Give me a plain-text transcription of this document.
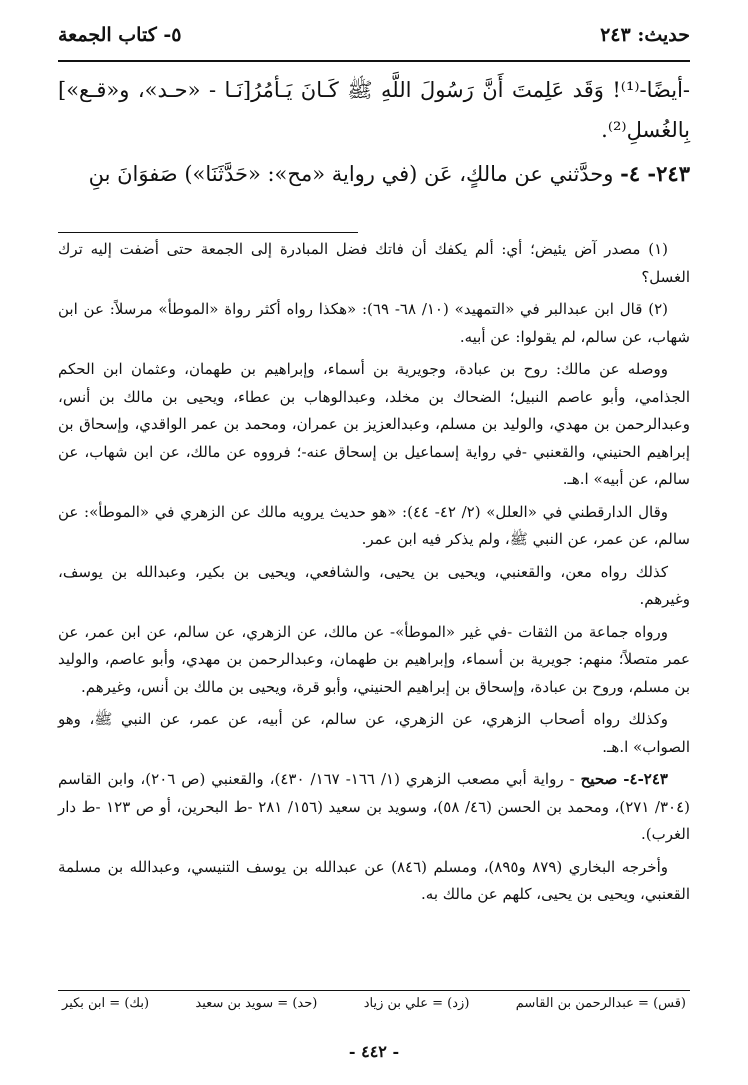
حديث: ٢٤٣
٥- كتاب الجمعة

-أيضًا-⁽¹⁾! وَقَد عَلِمتَ أَنَّ رَسُولَ اللَّهِ ﷺ كَـانَ يَـأمُرُ[نَـا - «حـد»، و«قـع»] بِالغُسلِ⁽²⁾.

٢٤٣- ٤- وحدَّثني عن مالكٍ، عَن (في رواية «مح»: «حَدَّثَنَا») صَفوَانَ بنِ

(١) مصدر آض يئيض؛ أي: ألم يكفك أن فاتك فضل المبادرة إلى الجمعة حتى أضفت إليه ترك الغسل؟

(٢) قال ابن عبدالبر في «التمهيد» (١٠/ ٦٨- ٦٩): «هكذا رواه أكثر رواة «الموطأ» مرسلاً: عن ابن شهاب، عن سالم، لم يقولوا: عن أبيه.

ووصله عن مالك: روح بن عبادة، وجويرية بن أسماء، وإبراهيم بن طهمان، وعثمان ابن الحكم الجذامي، وأبو عاصم النبيل؛ الضحاك بن مخلد، وعبدالوهاب بن عطاء، ويحيى بن مالك بن أنس، وعبدالرحمن بن مهدي، والوليد بن مسلم، وعبدالعزيز بن عمران، ومحمد بن عمر الواقدي، وإسحاق بن إبراهيم الحنيني، والقعنبي -في رواية إسماعيل بن إسحاق عنه-؛ فرووه عن مالك، عن ابن شهاب، عن سالم، عن أبيه» ا.هـ.

وقال الدارقطني في «العلل» (٢/ ٤٢- ٤٤): «هو حديث يرويه مالك عن الزهري في «الموطأ»: عن سالم، عن عمر، عن النبي ﷺ، ولم يذكر فيه ابن عمر.

كذلك رواه معن، والقعنبي، ويحيى بن يحيى، والشافعي، ويحيى بن بكير، وعبدالله بن يوسف، وغيرهم.

ورواه جماعة من الثقات -في غير «الموطأ»- عن مالك، عن الزهري، عن سالم، عن ابن عمر، عن عمر متصلاً؛ منهم: جويرية بن أسماء، وإبراهيم بن طهمان، وعبدالرحمن بن مهدي، وأبو عاصم، والوليد بن مسلم، وروح بن عبادة، وإسحاق بن إبراهيم الحنيني، وأبو قرة، ويحيى بن مالك بن أنس، وغيرهم.

وكذلك رواه أصحاب الزهري، عن الزهري، عن سالم، عن أبيه، عن عمر، عن النبي ﷺ، وهو الصواب» ا.هـ.

٢٤٣-٤- صحيح - رواية أبي مصعب الزهري (١/ ١٦٦- ١٦٧/ ٤٣٠)، والقعنبي (ص ٢٠٦)، وابن القاسم (٣٠٤/ ٢٧١)، ومحمد بن الحسن (٤٦/ ٥٨)، وسويد بن سعيد (١٥٦/ ٢٨١ -ط البحرين، أو ص ١٢٣ -ط دار الغرب).

وأخرجه البخاري (٨٧٩ و٨٩٥)، ومسلم (٨٤٦) عن عبدالله بن يوسف التنيسي، وعبدالله بن مسلمة القعنبي، ويحيى بن يحيى، كلهم عن مالك به.

(قس) = عبدالرحمن بن القاسم
(زد) = علي بن زياد
(حد) = سويد بن سعيد
(بك) = ابن بكير
- ٤٤٢ -
